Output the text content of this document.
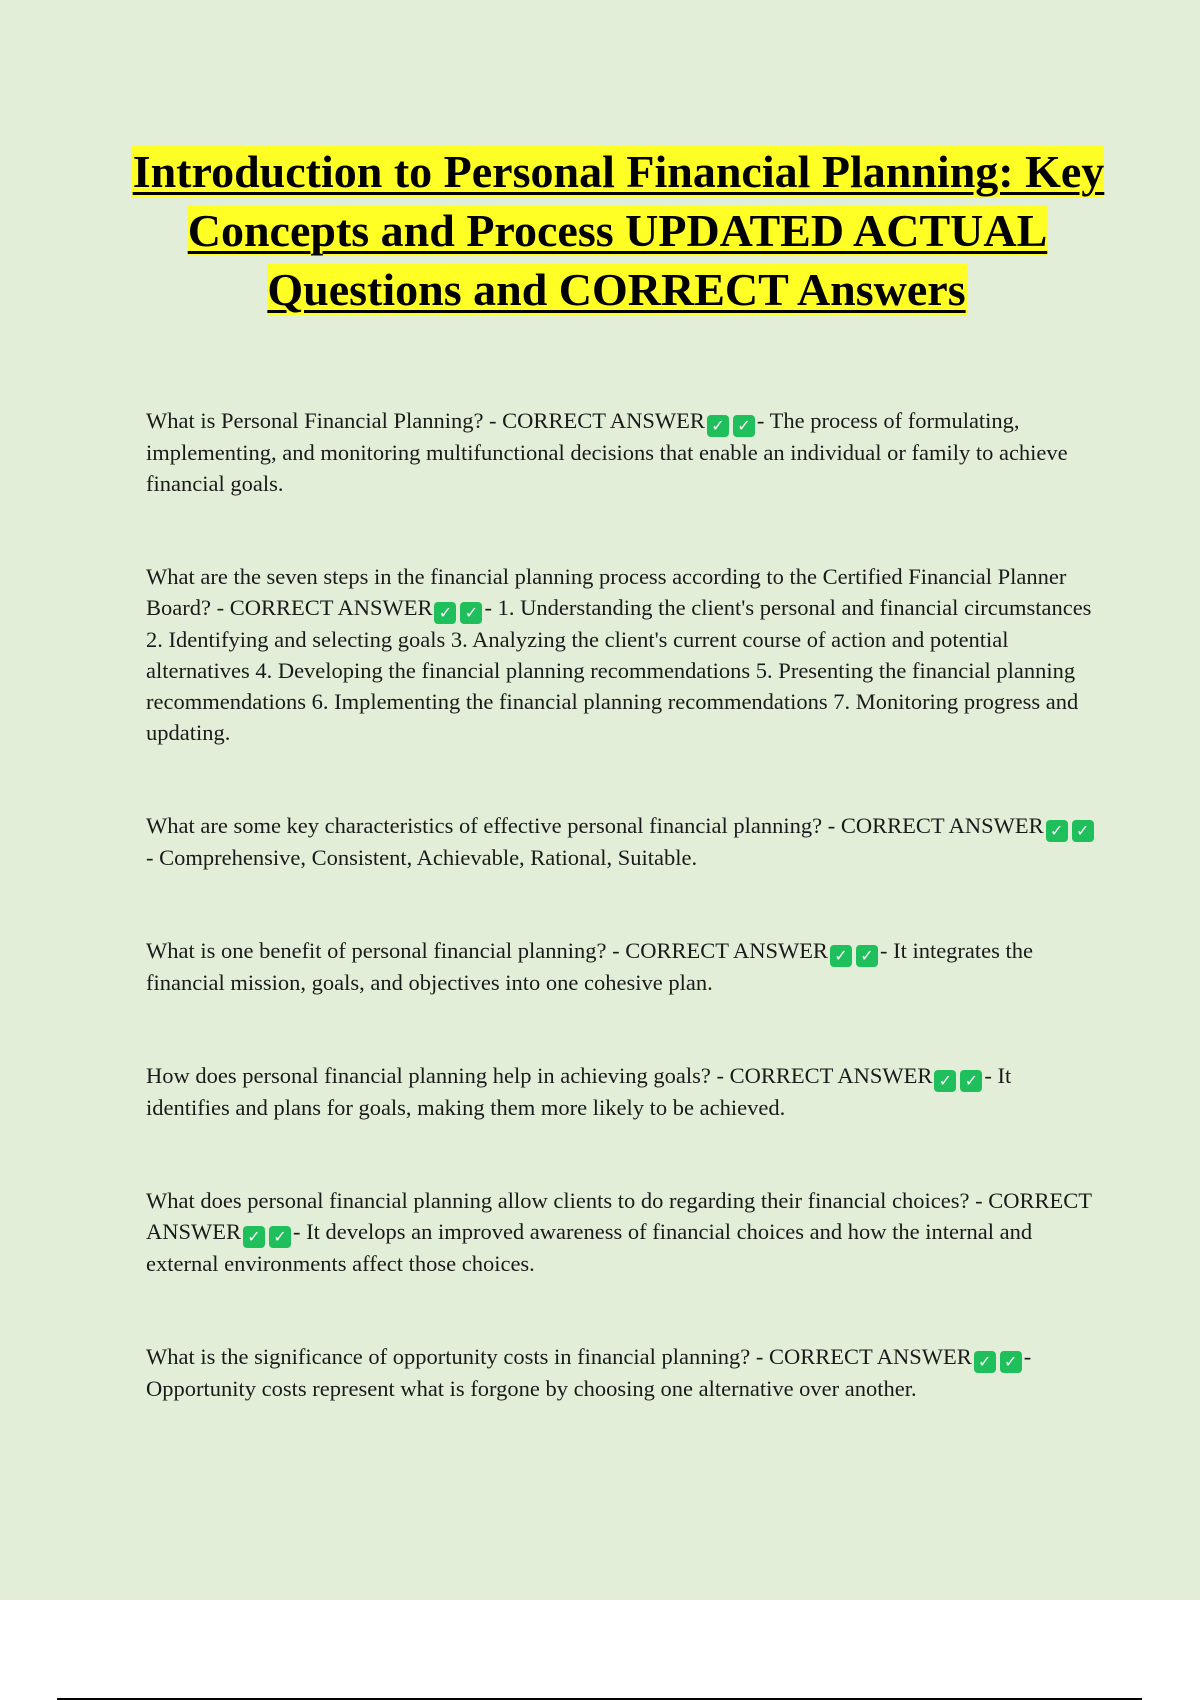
Introduction to Personal Financial Planning: Key Concepts and Process UPDATED ACTUAL Questions and CORRECT Answers

What is Personal Financial Planning? - CORRECT ANSWER ✓ ✓ - The process of formulating, implementing, and monitoring multifunctional decisions that enable an individual or family to achieve financial goals.

What are the seven steps in the financial planning process according to the Certified Financial Planner Board? - CORRECT ANSWER ✓ ✓ - 1. Understanding the client's personal and financial circumstances 2. Identifying and selecting goals 3. Analyzing the client's current course of action and potential alternatives 4. Developing the financial planning recommendations 5. Presenting the financial planning recommendations 6. Implementing the financial planning recommendations 7. Monitoring progress and updating.

What are some key characteristics of effective personal financial planning? - CORRECT ANSWER ✓ ✓- Comprehensive, Consistent, Achievable, Rational, Suitable.

What is one benefit of personal financial planning? - CORRECT ANSWER ✓ ✓ - It integrates the financial mission, goals, and objectives into one cohesive plan.

How does personal financial planning help in achieving goals? - CORRECT ANSWER ✓ ✓ - It identifies and plans for goals, making them more likely to be achieved.

What does personal financial planning allow clients to do regarding their financial choices? - CORRECT ANSWER ✓ ✓ - It develops an improved awareness of financial choices and how the internal and external environments affect those choices.

What is the significance of opportunity costs in financial planning? - CORRECT ANSWER ✓ ✓ - Opportunity costs represent what is forgone by choosing one alternative over another.
